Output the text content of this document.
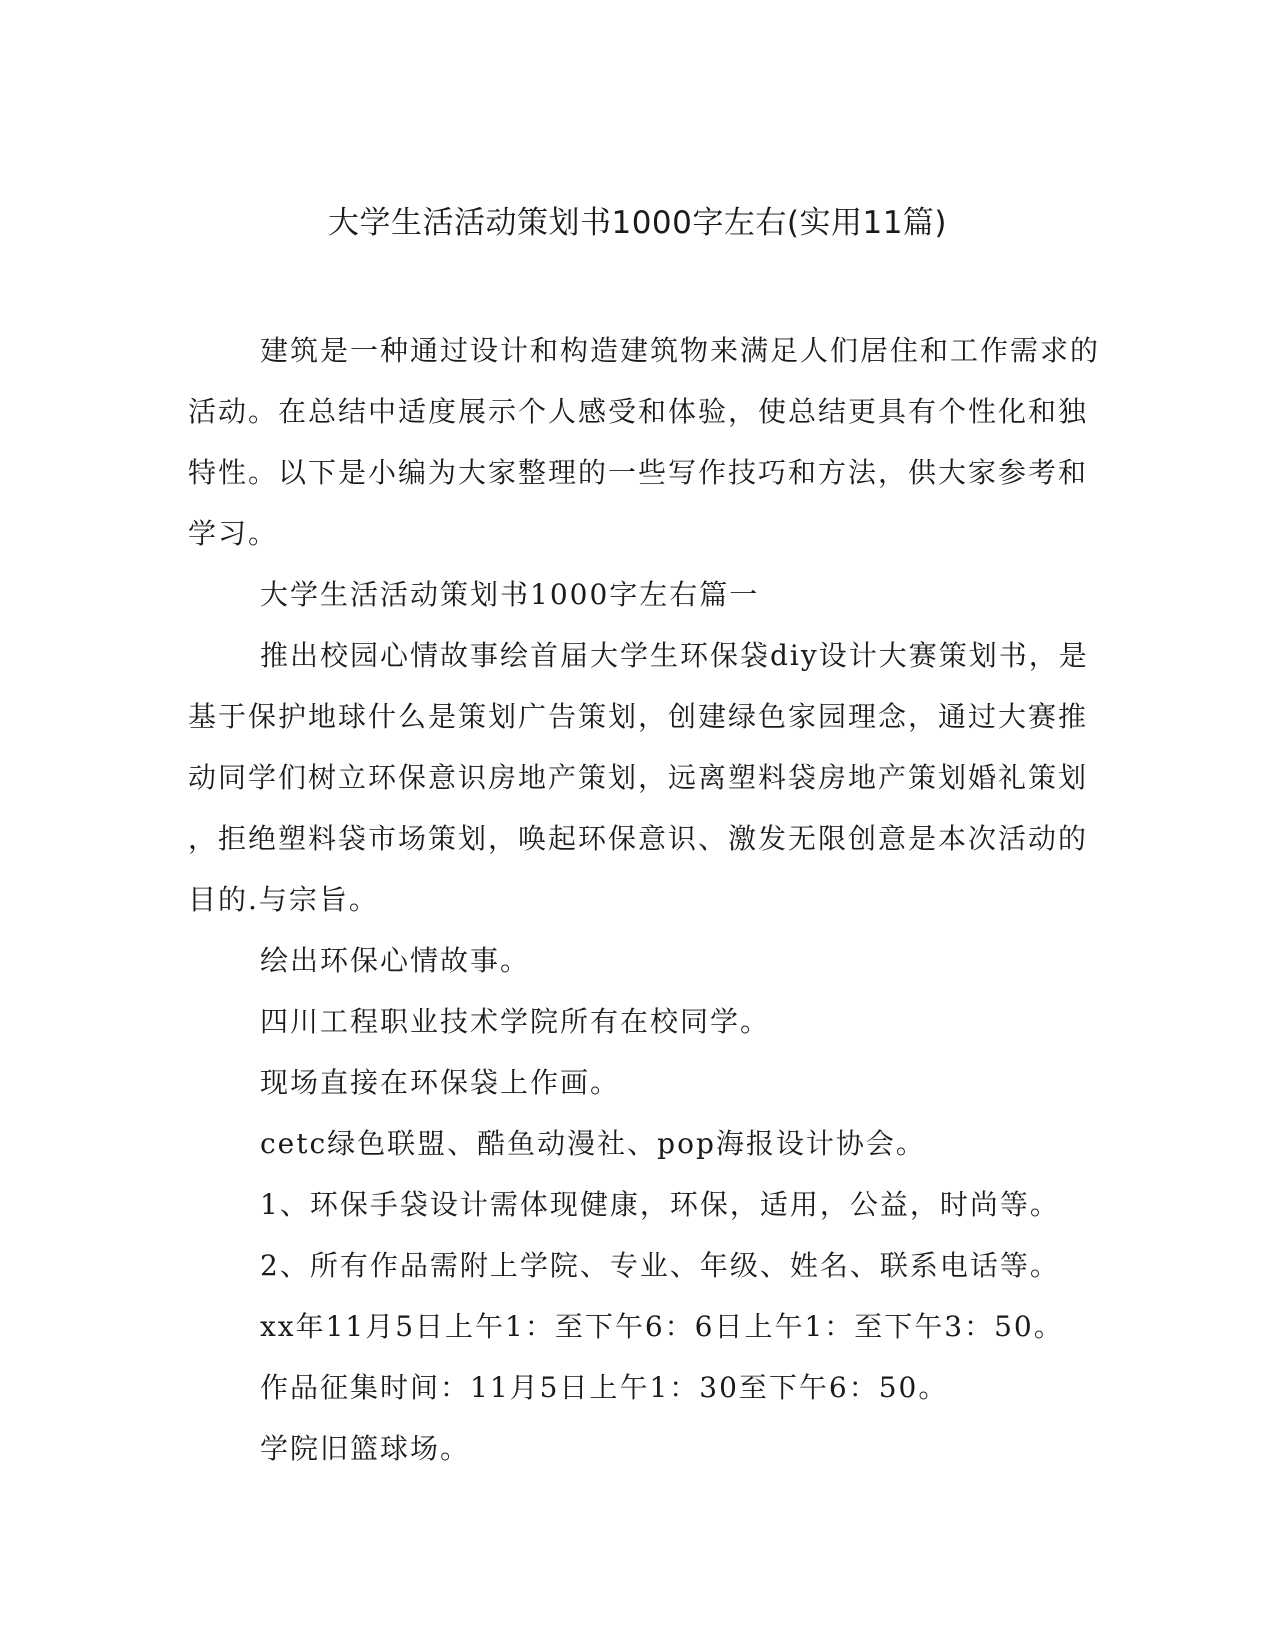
大学生活活动策划书1000字左右(实用11篇)
建筑是一种通过设计和构造建筑物来满足人们居住和工作需求的
活动。在总结中适度展示个人感受和体验，使总结更具有个性化和独
特性。以下是小编为大家整理的一些写作技巧和方法，供大家参考和
学习。
大学生活活动策划书1000字左右篇一
推出校园心情故事绘首届大学生环保袋diy设计大赛策划书，是
基于保护地球什么是策划广告策划，创建绿色家园理念，通过大赛推
动同学们树立环保意识房地产策划，远离塑料袋房地产策划婚礼策划
，拒绝塑料袋市场策划，唤起环保意识、激发无限创意是本次活动的
目的.与宗旨。
绘出环保心情故事。
四川工程职业技术学院所有在校同学。
现场直接在环保袋上作画。
cetc绿色联盟、酷鱼动漫社、pop海报设计协会。
1、环保手袋设计需体现健康，环保，适用，公益，时尚等。
2、所有作品需附上学院、专业、年级、姓名、联系电话等。
xx年11月5日上午1：至下午6：6日上午1：至下午3：50。
作品征集时间：11月5日上午1：30至下午6：50。
学院旧篮球场。
